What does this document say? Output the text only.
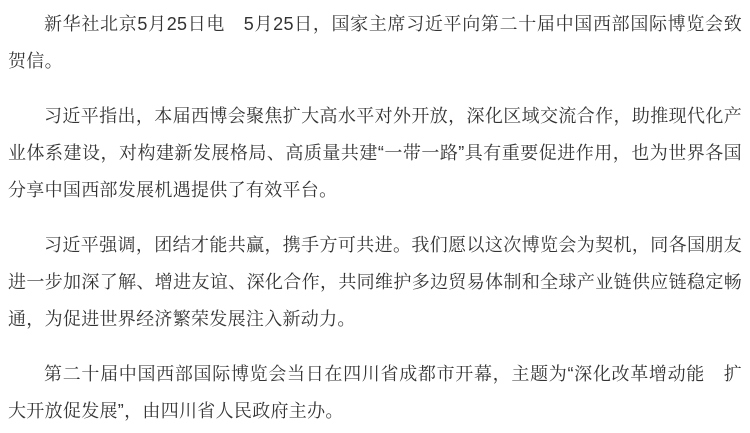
新华社北京5月25日电　5月25日，国家主席习近平向第二十届中国西部国际博览会致贺信。

习近平指出，本届西博会聚焦扩大高水平对外开放，深化区域交流合作，助推现代化产业体系建设，对构建新发展格局、高质量共建“一带一路”具有重要促进作用，也为世界各国分享中国西部发展机遇提供了有效平台。

习近平强调，团结才能共赢，携手方可共进。我们愿以这次博览会为契机，同各国朋友进一步加深了解、增进友谊、深化合作，共同维护多边贸易体制和全球产业链供应链稳定畅通，为促进世界经济繁荣发展注入新动力。

第二十届中国西部国际博览会当日在四川省成都市开幕，主题为“深化改革增动能　扩大开放促发展”，由四川省人民政府主办。
